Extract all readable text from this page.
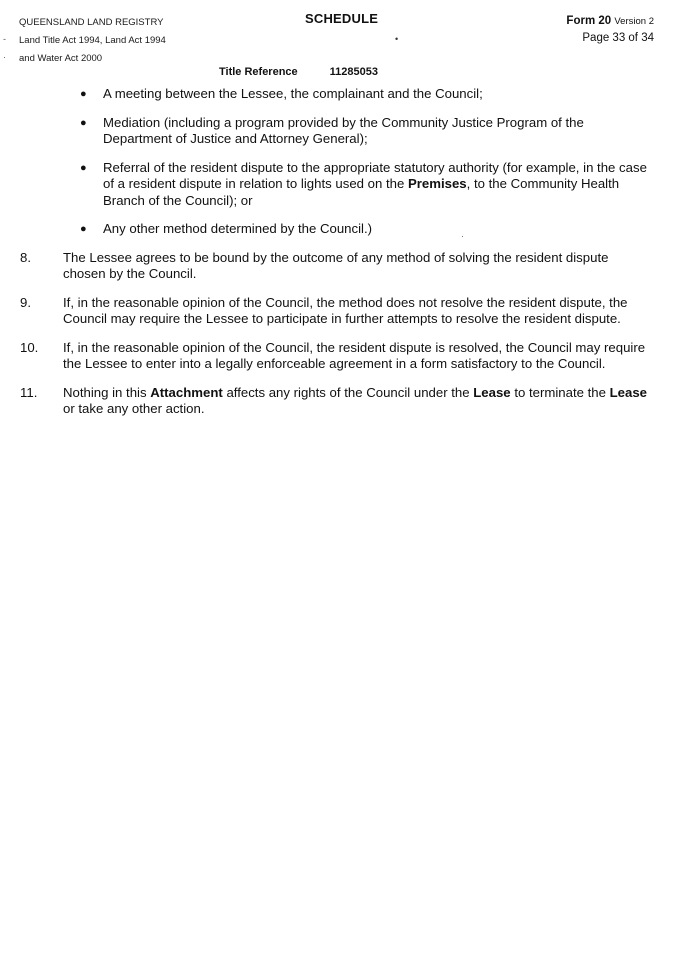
-
·
QUEENSLAND LAND REGISTRY
Land Title Act 1994, Land Act 1994
and Water Act 2000
SCHEDULE
•
Form 20 Version 2
Page 33 of 34
Title Reference	11285053
● A meeting between the Lessee, the complainant and the Council;
● Mediation (including a program provided by the Community Justice Program of the Department of Justice and Attorney General);
● Referral of the resident dispute to the appropriate statutory authority (for example, in the case of a resident dispute in relation to lights used on the Premises, to the Community Health Branch of the Council); or
● Any other method determined by the Council.)
8. The Lessee agrees to be bound by the outcome of any method of solving the resident dispute chosen by the Council.
9. If, in the reasonable opinion of the Council, the method does not resolve the resident dispute, the Council may require the Lessee to participate in further attempts to resolve the resident dispute.
10. If, in the reasonable opinion of the Council, the resident dispute is resolved, the Council may require the Lessee to enter into a legally enforceable agreement in a form satisfactory to the Council.
11. Nothing in this Attachment affects any rights of the Council under the Lease to terminate the Lease or take any other action.
·
